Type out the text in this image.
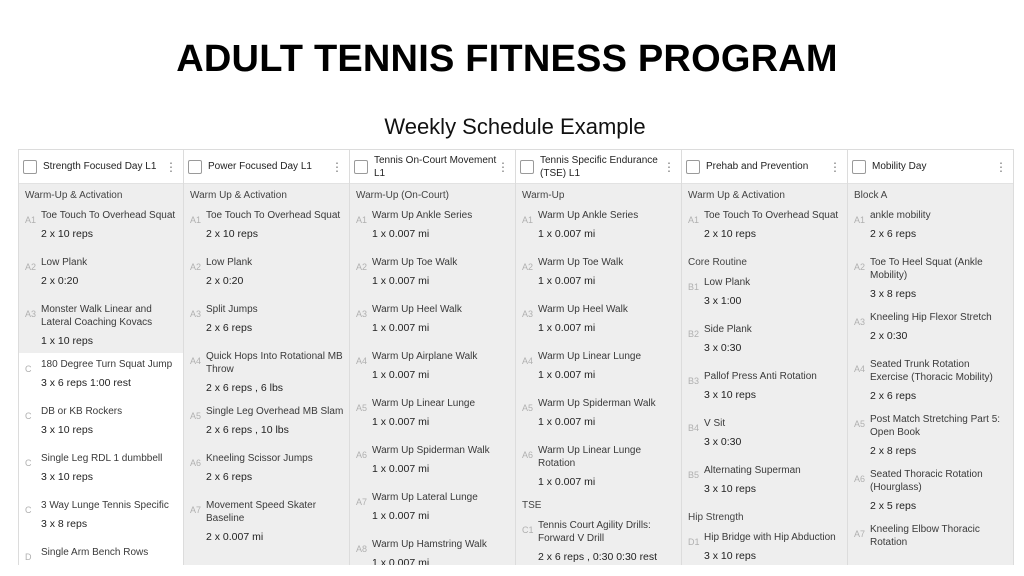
ADULT TENNIS FITNESS PROGRAM
Weekly Schedule Example
Strength Focused Day L1 ⋮
Warm-Up & Activation
A1 Toe Touch To Overhead Squat
2 x 10 reps
A2 Low Plank
2 x 0:20
A3 Monster Walk Linear and Lateral Coaching Kovacs
1 x 10 reps
C 180 Degree Turn Squat Jump
3 x 6 reps 1:00 rest
C DB or KB Rockers
3 x 10 reps
C Single Leg RDL 1 dumbbell
3 x 10 reps
C 3 Way Lunge Tennis Specific
3 x 8 reps
D Single Arm Bench Rows
Power Focused Day L1	⋮
Warm Up & Activation
A1 Toe Touch To Overhead Squat
2 x 10 reps
A2 Low Plank
2 x 0:20
A3 Split Jumps
2 x 6 reps
A4 Quick Hops Into Rotational MB Throw
2 x 6 reps , 6 lbs
A5 Single Leg Overhead MB Slam
2 x 6 reps , 10 lbs
A6 Kneeling Scissor Jumps
2 x 6 reps
A7 Movement Speed Skater Baseline
2 x 0.007 mi
Tennis On-Court Movement L1	⋮
Warm-Up (On-Court)
A1 Warm Up Ankle Series
1 x 0.007 mi
A2 Warm Up Toe Walk
1 x 0.007 mi
A3 Warm Up Heel Walk
1 x 0.007 mi
A4 Warm Up Airplane Walk
1 x 0.007 mi
A5 Warm Up Linear Lunge
1 x 0.007 mi
A6 Warm Up Spiderman Walk
1 x 0.007 mi
A7 Warm Up Lateral Lunge
1 x 0.007 mi
A8 Warm Up Hamstring Walk
1 x 0.007 mi
Tennis Specific Endurance (TSE) L1	⋮
Warm-Up
A1 Warm Up Ankle Series
1 x 0.007 mi
A2 Warm Up Toe Walk
1 x 0.007 mi
A3 Warm Up Heel Walk
1 x 0.007 mi
A4 Warm Up Linear Lunge
1 x 0.007 mi
A5 Warm Up Spiderman Walk
1 x 0.007 mi
A6 Warm Up Linear Lunge Rotation
1 x 0.007 mi
TSE
C1 Tennis Court Agility Drills: Forward V Drill
2 x 6 reps , 0:30 0:30 rest
Prehab and Prevention	⋮
Warm Up & Activation
A1 Toe Touch To Overhead Squat
2 x 10 reps
Core Routine
B1 Low Plank
3 x 1:00
B2 Side Plank
3 x 0:30
B3 Pallof Press Anti Rotation
3 x 10 reps
B4 V Sit
3 x 0:30
B5 Alternating Superman
3 x 10 reps
Hip Strength
D1 Hip Bridge with Hip Abduction
3 x 10 reps
Mobility Day	⋮
Block A
A1 ankle mobility
2 x 6 reps
A2 Toe To Heel Squat (Ankle Mobility)
3 x 8 reps
A3 Kneeling Hip Flexor Stretch
2 x 0:30
A4 Seated Trunk Rotation Exercise (Thoracic Mobility)
2 x 6 reps
A5 Post Match Stretching Part 5: Open Book
2 x 8 reps
A6 Seated Thoracic Rotation (Hourglass)
2 x 5 reps
A7 Kneeling Elbow Thoracic Rotation
